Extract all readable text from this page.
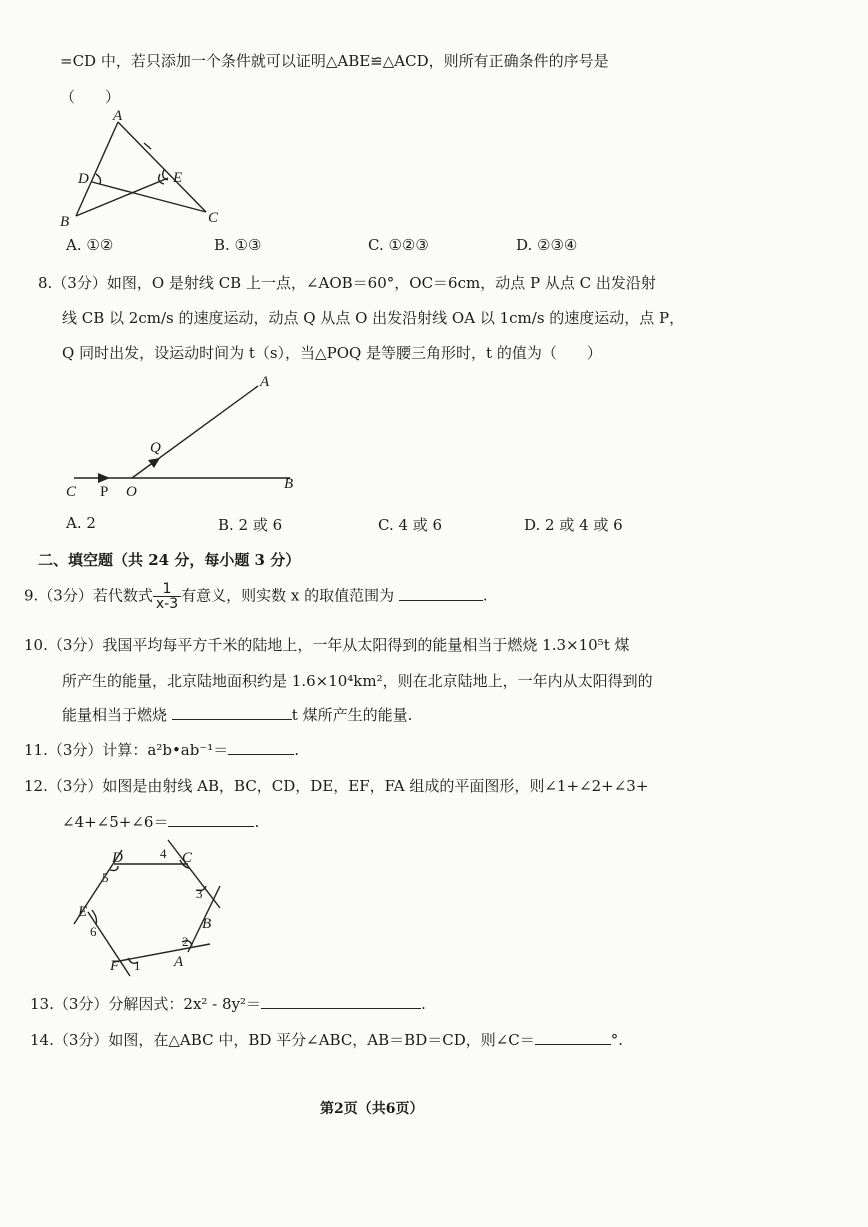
=CD 中，若只添加一个条件就可以证明△ABE≌△ACD，则所有正确条件的序号是
（　　）
A
D	E
B	C
A. ①②	B. ①③	C. ①②③	D. ②③④
8.（3分）如图，O 是射线 CB 上一点，∠AOB＝60°，OC＝6cm，动点 P 从点 C 出发沿射
线 CB 以 2cm/s 的速度运动，动点 Q 从点 O 出发沿射线 OA 以 1cm/s 的速度运动，点 P，
Q 同时出发，设运动时间为 t（s），当△POQ 是等腰三角形时，t 的值为（　　）
A
Q
C P O	B
A. 2	B. 2 或 6	C. 4 或 6	D. 2 或 4 或 6
二、填空题（共 24 分，每小题 3 分）
9.（3分）若代数式 $\frac{1}{x-3}$ 有意义，则实数 x 的取值范围为	.
10.（3分）我国平均每平方千米的陆地上，一年从太阳得到的能量相当于燃烧 1.3×10⁵t 煤
所产生的能量，北京陆地面积约是 1.6×10⁴km²，则在北京陆地上，一年内从太阳得到的
能量相当于燃烧	t 煤所产生的能量.
11.（3分）计算：a²b•ab⁻¹＝	.
12.（3分）如图是由射线 AB，BC，CD，DE，EF，FA 组成的平面图形，则∠1+∠2+∠3+
∠4+∠5+∠6＝	.
D	C
E
B
F	A
1
2
3
4
5
6
13.（3分）分解因式：2x² - 8y²＝	.
14.（3分）如图，在△ABC 中，BD 平分∠ABC，AB＝BD＝CD，则∠C＝	°.
第2页（共6页）
